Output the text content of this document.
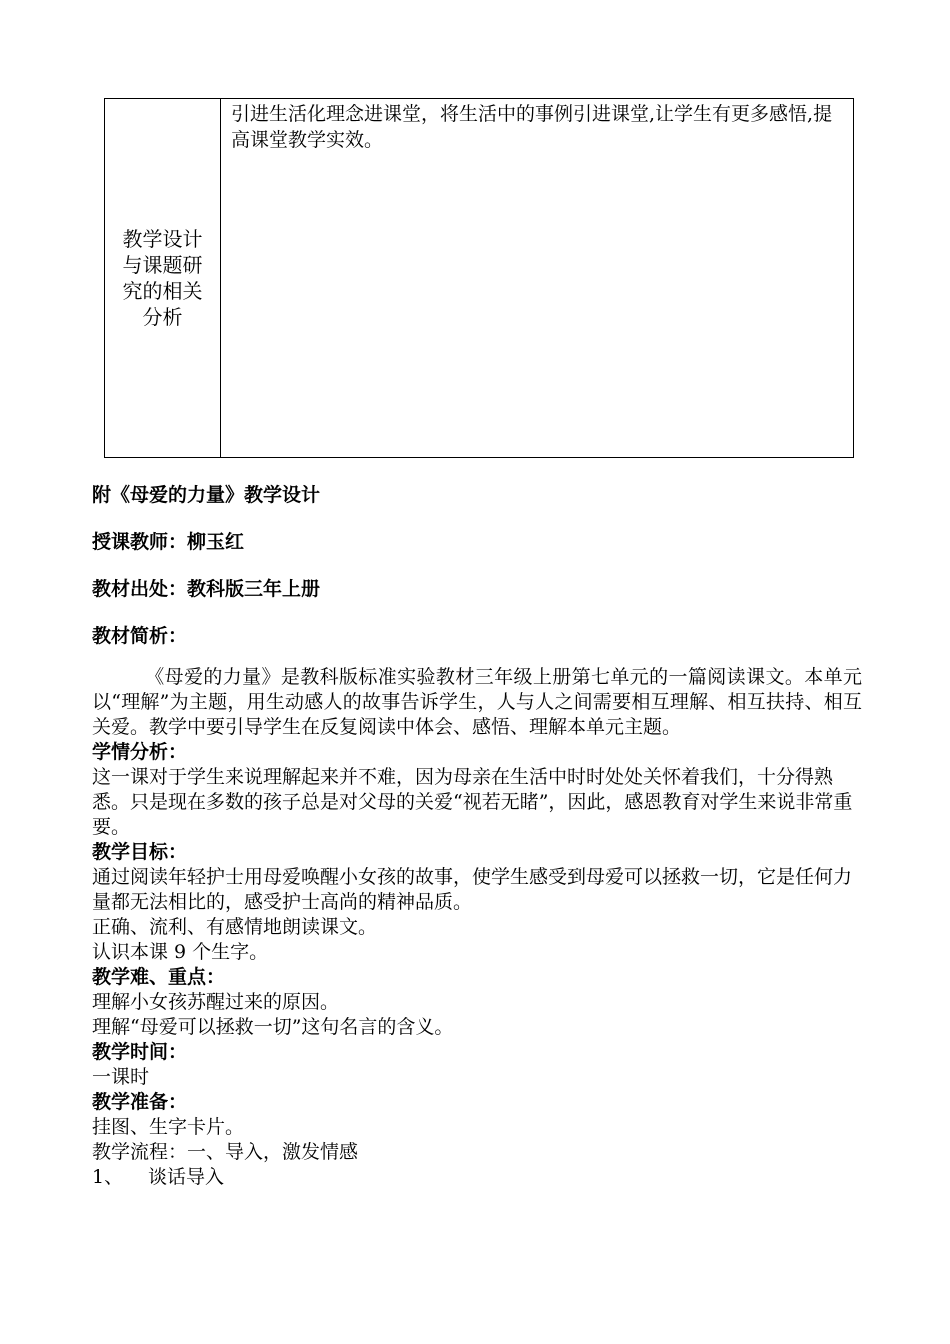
教学设计与课题研究的相关分析
引进生活化理念进课堂，将生活中的事例引进课堂,让学生有更多感悟,提高课堂教学实效。
附《母爱的力量》教学设计
授课教师：柳玉红
教材出处：教科版三年上册
教材简析：

《母爱的力量》是教科版标准实验教材三年级上册第七单元的一篇阅读课文。本单元以“理解”为主题，用生动感人的故事告诉学生，人与人之间需要相互理解、相互扶持、相互关爱。教学中要引导学生在反复阅读中体会、感悟、理解本单元主题。

学情分析：

这一课对于学生来说理解起来并不难，因为母亲在生活中时时处处关怀着我们，十分得熟悉。只是现在多数的孩子总是对父母的关爱“视若无睹”，因此，感恩教育对学生来说非常重要。

教学目标：

通过阅读年轻护士用母爱唤醒小女孩的故事，使学生感受到母爱可以拯救一切，它是任何力量都无法相比的，感受护士高尚的精神品质。

正确、流利、有感情地朗读课文。

认识本课 9 个生字。

教学难、重点：

理解小女孩苏醒过来的原因。

理解“母爱可以拯救一切”这句名言的含义。

教学时间：

一课时

教学准备：

挂图、生字卡片。

教学流程：一、导入，激发情感

1、 谈话导入
